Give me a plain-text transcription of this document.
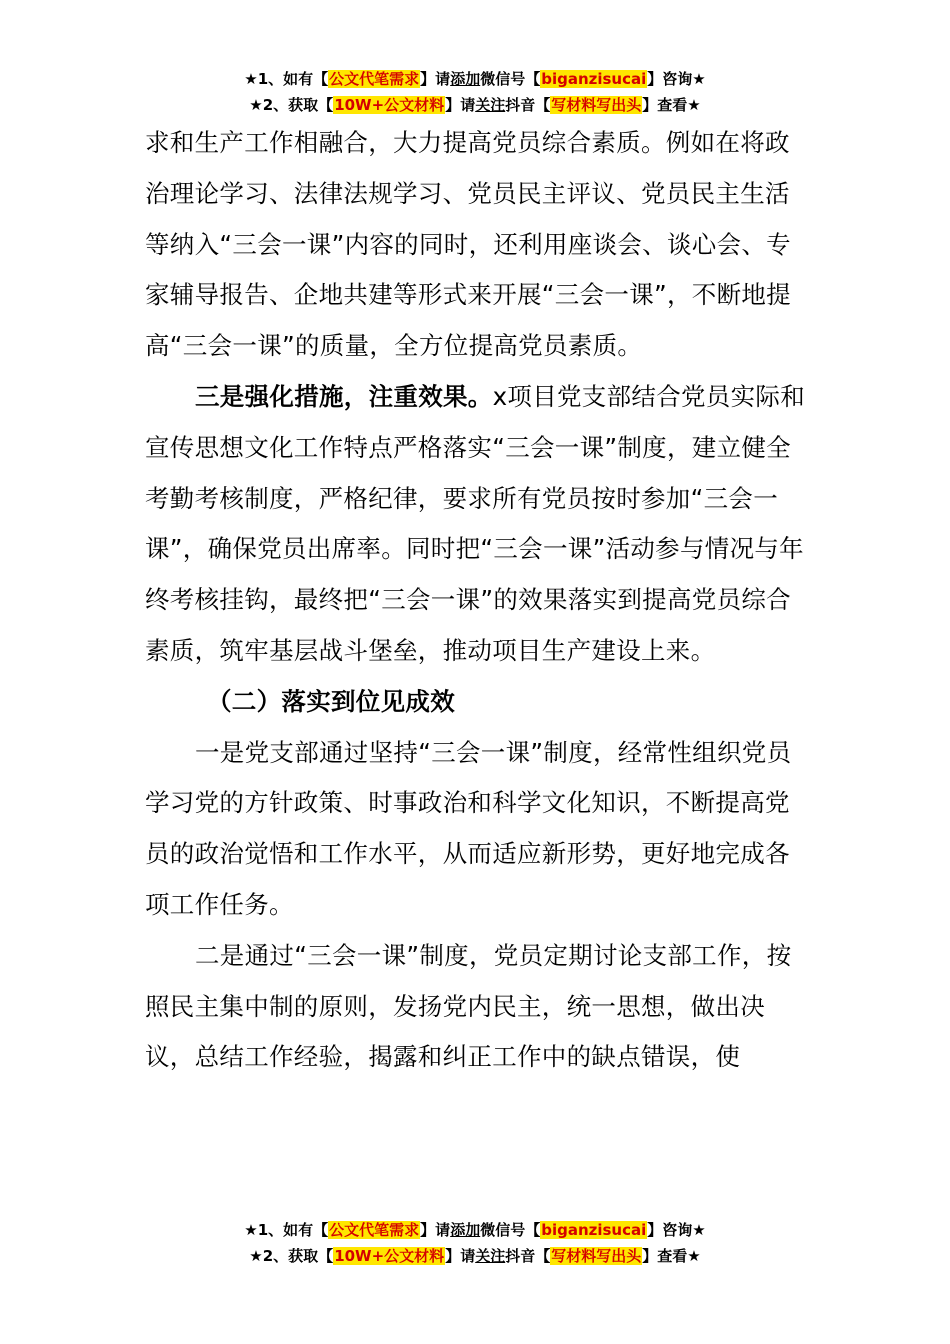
★1、如有【公文代笔需求】请添加微信号【biganzisucai】咨询★
★2、获取【10W+公文材料】请关注抖音【写材料写出头】查看★

求和生产工作相融合，大力提高党员综合素质。例如在将政治理论学习、法律法规学习、党员民主评议、党员民主生活等纳入“三会一课”内容的同时，还利用座谈会、谈心会、专家辅导报告、企地共建等形式来开展“三会一课”，不断地提高“三会一课”的质量，全方位提高党员素质。

三是强化措施，注重效果。x项目党支部结合党员实际和宣传思想文化工作特点严格落实“三会一课”制度，建立健全考勤考核制度，严格纪律，要求所有党员按时参加“三会一课”，确保党员出席率。同时把“三会一课”活动参与情况与年终考核挂钩，最终把“三会一课”的效果落实到提高党员综合素质，筑牢基层战斗堡垒，推动项目生产建设上来。

（二）落实到位见成效

一是党支部通过坚持“三会一课”制度，经常性组织党员学习党的方针政策、时事政治和科学文化知识，不断提高党员的政治觉悟和工作水平，从而适应新形势，更好地完成各项工作任务。

二是通过“三会一课”制度，党员定期讨论支部工作，按照民主集中制的原则，发扬党内民主，统一思想，做出决议，总结工作经验，揭露和纠正工作中的缺点错误，使

★1、如有【公文代笔需求】请添加微信号【biganzisucai】咨询★
★2、获取【10W+公文材料】请关注抖音【写材料写出头】查看★
